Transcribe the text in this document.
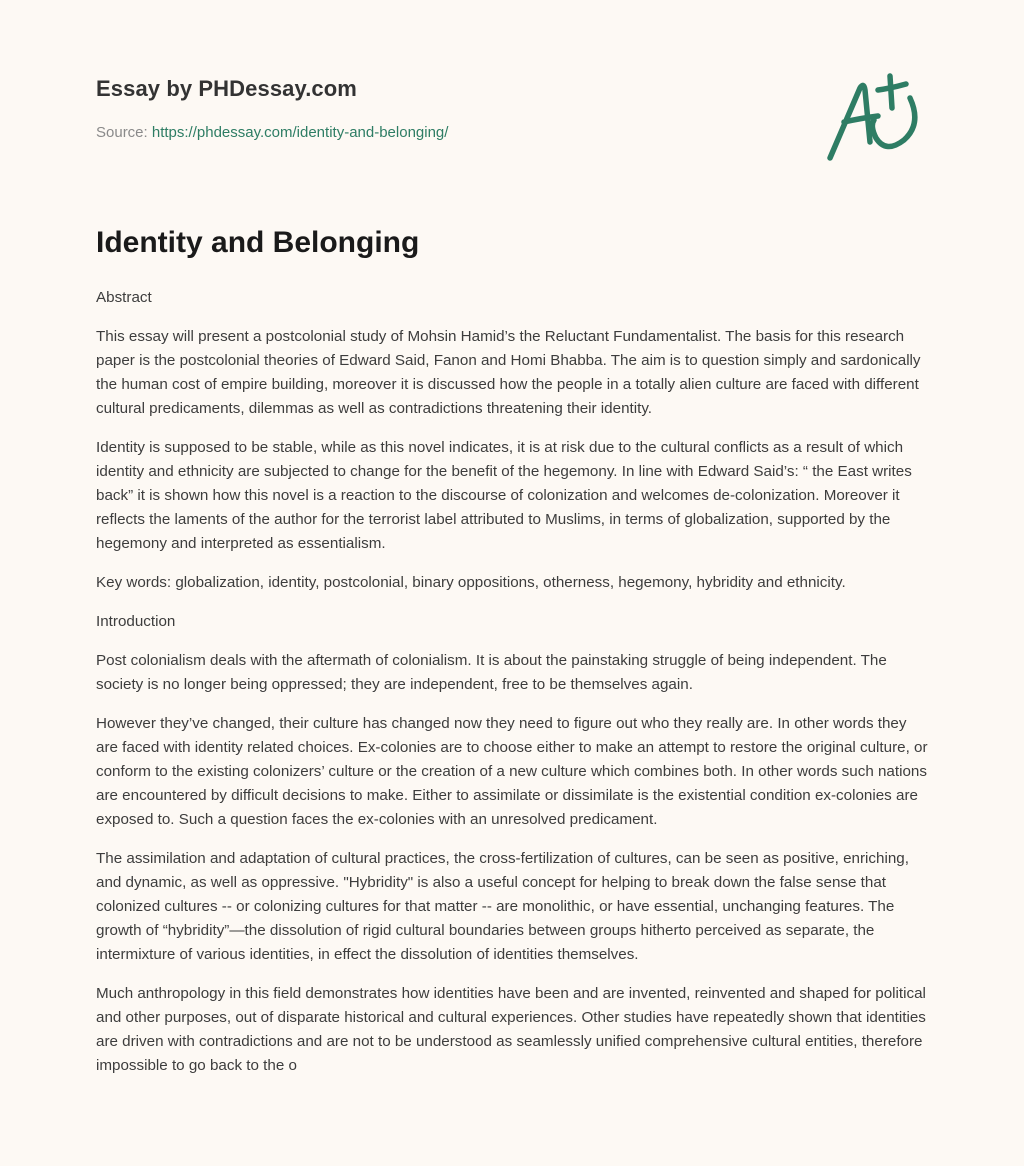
Essay by PHDessay.com

Source: https://phdessay.com/identity-and-belonging/

Identity and Belonging

Abstract

This essay will present a postcolonial study of Mohsin Hamid’s the Reluctant Fundamentalist. The basis for this research paper is the postcolonial theories of Edward Said, Fanon and Homi Bhabba. The aim is to question simply and sardonically the human cost of empire building, moreover it is discussed how the people in a totally alien culture are faced with different cultural predicaments, dilemmas as well as contradictions threatening their identity.

Identity is supposed to be stable, while as this novel indicates, it is at risk due to the cultural conflicts as a result of which identity and ethnicity are subjected to change for the benefit of the hegemony. In line with Edward Said’s: “ the East writes back” it is shown how this novel is a reaction to the discourse of colonization and welcomes de-colonization. Moreover it reflects the laments of the author for the terrorist label attributed to Muslims, in terms of globalization, supported by the hegemony and interpreted as essentialism.

Key words: globalization, identity, postcolonial, binary oppositions, otherness, hegemony, hybridity and ethnicity.

Introduction

Post colonialism deals with the aftermath of colonialism. It is about the painstaking struggle of being independent. The society is no longer being oppressed; they are independent, free to be themselves again.

However they’ve changed, their culture has changed now they need to figure out who they really are. In other words they are faced with identity related choices. Ex-colonies are to choose either to make an attempt to restore the original culture, or conform to the existing colonizers’ culture or the creation of a new culture which combines both. In other words such nations are encountered by difficult decisions to make. Either to assimilate or dissimilate is the existential condition ex-colonies are exposed to. Such a question faces the ex-colonies with an unresolved predicament.

The assimilation and adaptation of cultural practices, the cross-fertilization of cultures, can be seen as positive, enriching, and dynamic, as well as oppressive. "Hybridity" is also a useful concept for helping to break down the false sense that colonized cultures -- or colonizing cultures for that matter -- are monolithic, or have essential, unchanging features. The growth of “hybridity”—the dissolution of rigid cultural boundaries between groups hitherto perceived as separate, the intermixture of various identities, in effect the dissolution of identities themselves.

Much anthropology in this field demonstrates how identities have been and are invented, reinvented and shaped for political and other purposes, out of disparate historical and cultural experiences. Other studies have repeatedly shown that identities are driven with contradictions and are not to be understood as seamlessly unified comprehensive cultural entities, therefore impossible to go back to the o
